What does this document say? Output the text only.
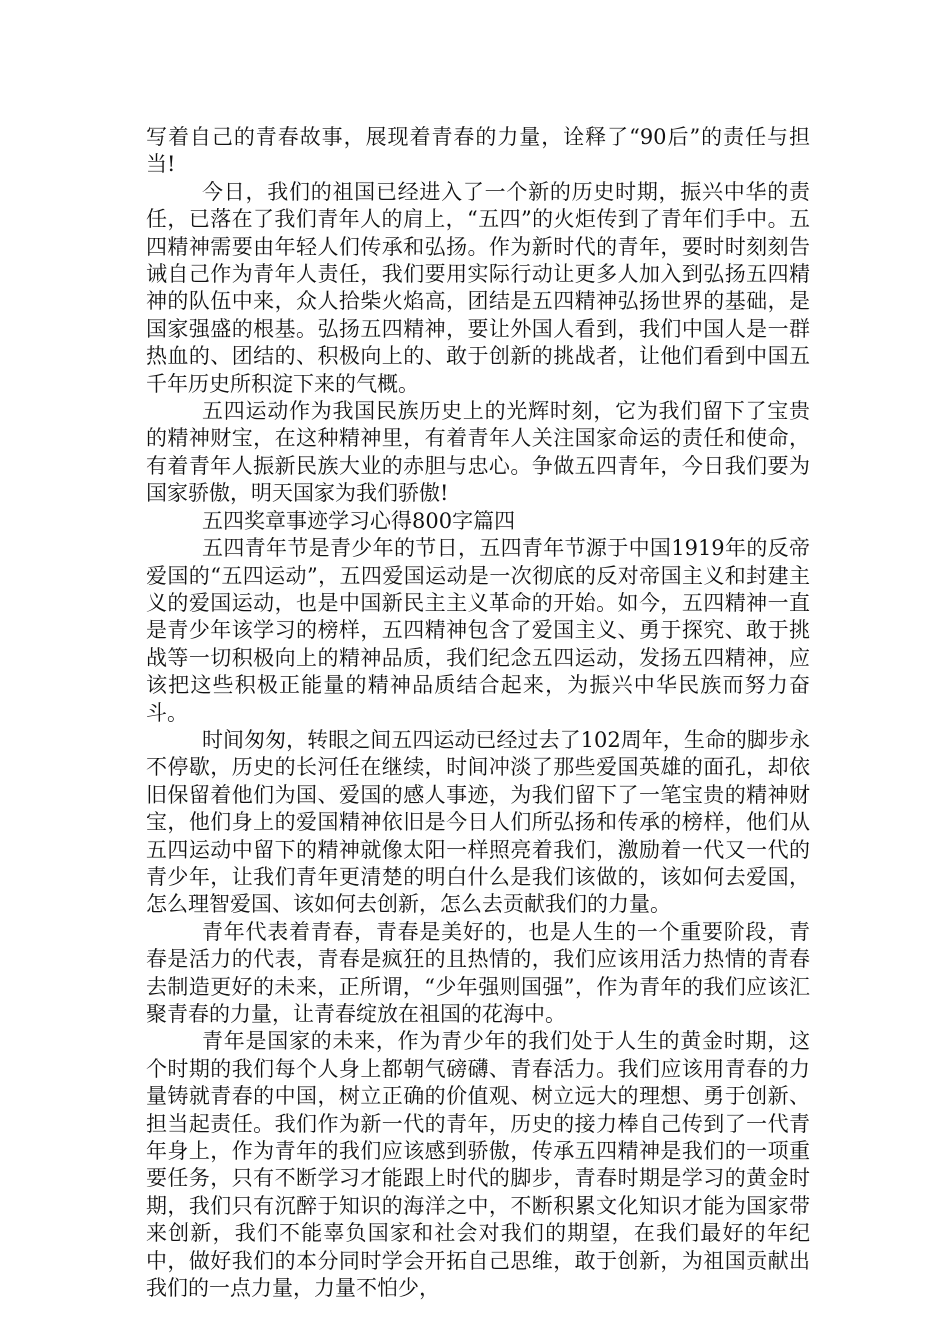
写着自己的青春故事，展现着青春的力量，诠释了“90后”的责任与担当!

今日，我们的祖国已经进入了一个新的历史时期，振兴中华的责任，已落在了我们青年人的肩上，“五四”的火炬传到了青年们手中。五四精神需要由年轻人们传承和弘扬。作为新时代的青年，要时时刻刻告诫自己作为青年人责任，我们要用实际行动让更多人加入到弘扬五四精神的队伍中来，众人拾柴火焰高，团结是五四精神弘扬世界的基础，是国家强盛的根基。弘扬五四精神，要让外国人看到，我们中国人是一群热血的、团结的、积极向上的、敢于创新的挑战者，让他们看到中国五千年历史所积淀下来的气概。

五四运动作为我国民族历史上的光辉时刻，它为我们留下了宝贵的精神财宝，在这种精神里，有着青年人关注国家命运的责任和使命，有着青年人振新民族大业的赤胆与忠心。争做五四青年，今日我们要为国家骄傲，明天国家为我们骄傲!

五四奖章事迹学习心得800字篇四

五四青年节是青少年的节日，五四青年节源于中国1919年的反帝爱国的“五四运动”，五四爱国运动是一次彻底的反对帝国主义和封建主义的爱国运动，也是中国新民主主义革命的开始。如今，五四精神一直是青少年该学习的榜样，五四精神包含了爱国主义、勇于探究、敢于挑战等一切积极向上的精神品质，我们纪念五四运动，发扬五四精神，应该把这些积极正能量的精神品质结合起来，为振兴中华民族而努力奋斗。

时间匆匆，转眼之间五四运动已经过去了102周年，生命的脚步永不停歇，历史的长河任在继续，时间冲淡了那些爱国英雄的面孔，却依旧保留着他们为国、爱国的感人事迹，为我们留下了一笔宝贵的精神财宝，他们身上的爱国精神依旧是今日人们所弘扬和传承的榜样，他们从五四运动中留下的精神就像太阳一样照亮着我们，激励着一代又一代的青少年，让我们青年更清楚的明白什么是我们该做的，该如何去爱国，怎么理智爱国、该如何去创新，怎么去贡献我们的力量。

青年代表着青春，青春是美好的，也是人生的一个重要阶段，青春是活力的代表，青春是疯狂的且热情的，我们应该用活力热情的青春去制造更好的未来，正所谓，“少年强则国强”，作为青年的我们应该汇聚青春的力量，让青春绽放在祖国的花海中。

青年是国家的未来，作为青少年的我们处于人生的黄金时期，这个时期的我们每个人身上都朝气磅礴、青春活力。我们应该用青春的力量铸就青春的中国，树立正确的价值观、树立远大的理想、勇于创新、担当起责任。我们作为新一代的青年，历史的接力棒自己传到了一代青年身上，作为青年的我们应该感到骄傲，传承五四精神是我们的一项重要任务，只有不断学习才能跟上时代的脚步，青春时期是学习的黄金时期，我们只有沉醉于知识的海洋之中，不断积累文化知识才能为国家带来创新，我们不能辜负国家和社会对我们的期望，在我们最好的年纪中，做好我们的本分同时学会开拓自己思维，敢于创新，为祖国贡献出我们的一点力量，力量不怕少，
